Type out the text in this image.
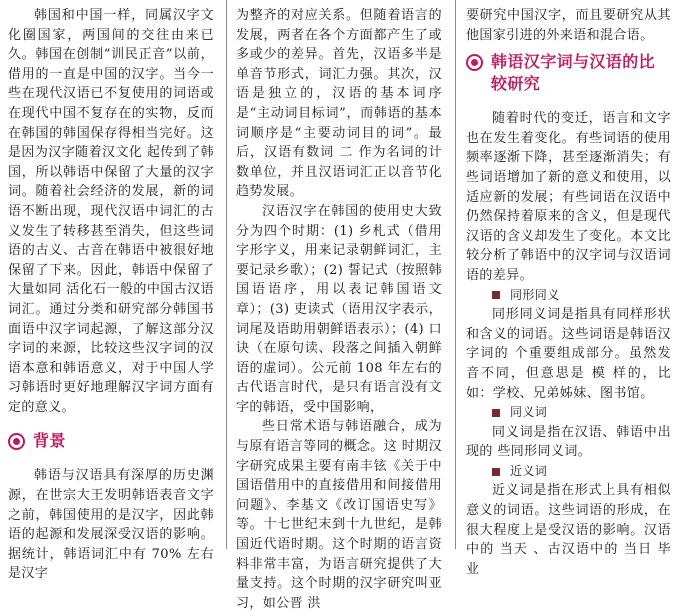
韩国和中国一样，同属汉字文化圈国家，两国间的交往由来已久。韩国在创制“训民正音”以前，借用的一直是中国的汉字。当今一些在现代汉语已不复使用的词语或在现代中国不复存在的实物，反而在韩国的韩国保存得相当完好。这是因为汉字随着汉文化 起传到了韩国，所以韩语中保留了大量的汉字词。随着社会经济的发展，新的词语不断出现，现代汉语中词汇的古义发生了转移甚至消失，但这些词语的古义、古音在韩语中被很好地保留了下来。因此，韩语中保留了大量如同 活化石一般的中国古汉语词汇。通过分类和研究部分韩国书面语中汉字词起源，了解这部分汉字词的来源，比较这些汉字词的汉语本意和韩语意义，对于中国人学习韩语时更好地理解汉字词方面有 定的意义。

背景

韩语与汉语具有深厚的历史渊源，在世宗大王发明韩语表音文字之前，韩国使用的是汉字，因此韩语的起源和发展深受汉语的影响。据统计，韩语词汇中有 70% 左右是汉字

为整齐的对应关系。但随着语言的发展，两者在各个方面都产生了或多或少的差异。首先，汉语多半是单音节形式，词汇力强。其次，汉语是独立的，汉语的基本词序是“主动词目标词”，而韩语的基本词顺序是“主要动词目的词”。最后，汉语有数词 二 作为名词的计数单位，并且汉语词汇正以音节化趋势发展。

汉语汉字在韩国的使用史大致分为四个时期：(1) 乡札式（借用字形字义，用来记录朝鲜词汇，主要记录乡歌）；(2) 誓记式（按照韩国语语序，用以表记韩国语文章）；(3) 吏读式（语用汉字表示，词尾及语助用朝鲜语表示）；(4) 口诀（在原句读、段落之间插入朝鲜语的虚词）。公元前 108 年左右的古代语言时代，是只有语言没有文字的韩语，受中国影响，

些日常术语与韩语融合，成为与原有语言等同的概念。这 时期汉字研究成果主要有南丰铉《关于中国语借用中的直接借用和间接借用问题》、李基文《改订国语史写》等。十七世纪末到十九世纪，是韩国近代语时期。这个时期的语言资料非常丰富，为语言研究提供了大量支持。这个时期的汉字研究叫亚习，如公晋 洪

要研究中国汉字，而且要研究从其他国家引进的外来语和混合语。

韩语汉字词与汉语的比较研究

随着时代的变迁，语言和文字也在发生着变化。有些词语的使用频率逐渐下降，甚至逐渐消失；有些词语增加了新的意义和使用，以适应新的发展；有些词语在汉语中仍然保持着原来的含义，但是现代汉语的含义却发生了变化。本文比较分析了韩语中的汉字词与汉语词语的差异。

同形同义

同形同义词是指具有同样形状和含义的词语。这些词语是韩语汉字词的 个重要组成部分。虽然发音不同，但意思是 模 样的，比如：学校、兄弟姊妹、图书馆。

同义词

同义词是指在汉语、韩语中出现的 些同形同义词。

近义词

近义词是指在形式上具有相似意义的词语。这些词语的形成，在很大程度上是受汉语的影响。汉语中的 当天 、古汉语中的 当日 毕业
